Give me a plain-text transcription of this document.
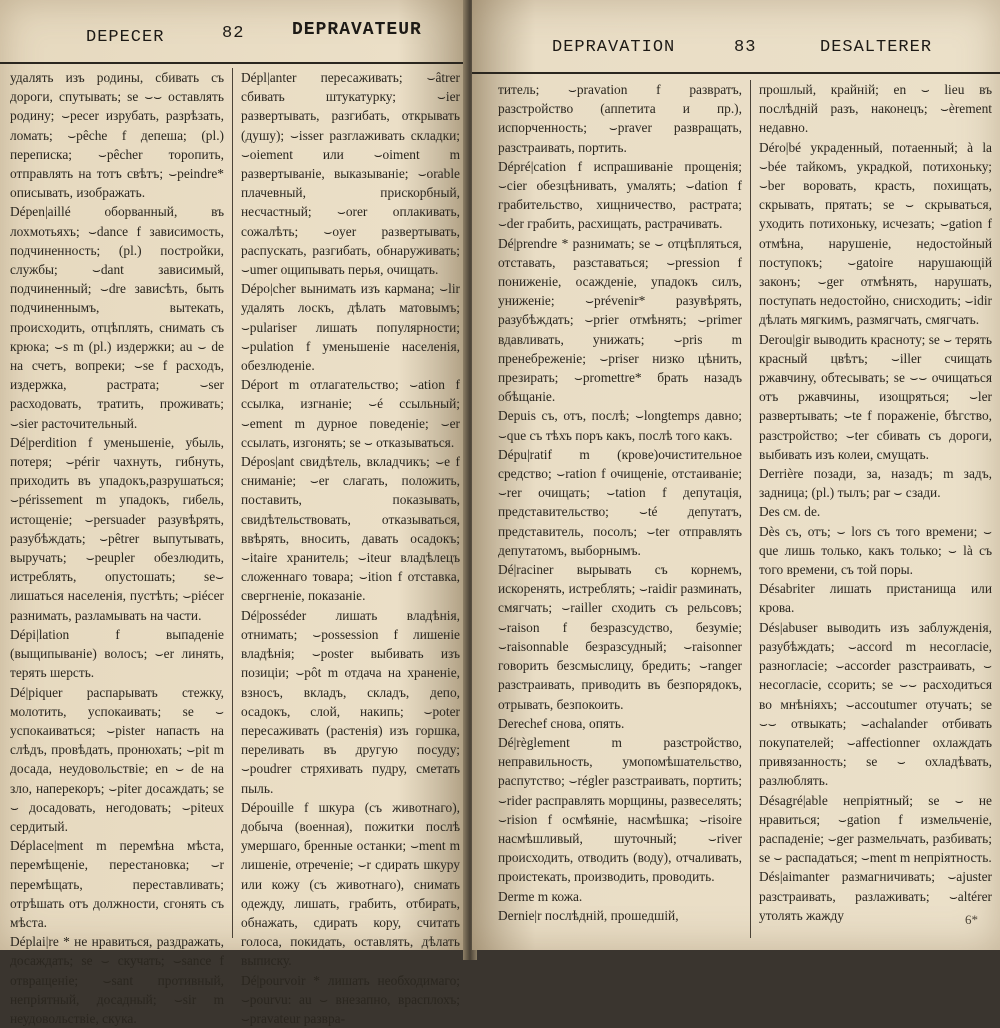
DEPECER	82	DEPRAVATEUR

удалять изъ родины, сбивать съ дороги, спутывать; se ⌣⌣ оставлять родину; ⌣pecer изрубать, разрѣзать, ломать; ⌣pêche f депеша; (pl.) переписка; ⌣pêcher торопить, отправлять на тотъ свѣтъ; ⌣peindre* описывать, изображать.

Dépen|aillé оборванный, въ лохмотьяхъ; ⌣dance f зависимость, подчиненность; (pl.) постройки, службы; ⌣dant зависимый, подчиненный; ⌣dre зависѣть, быть подчиненнымъ, вытекать, происходить, отцѣплять, снимать съ крюка; ⌣s m (pl.) издержки; au ⌣ de на счетъ, вопреки; ⌣se f расходъ, издержка, растрата; ⌣ser расходовать, тратить, проживать; ⌣sier расточительный.

Dé|perdition f уменьшеніе, убыль, потеря; ⌣périr чахнуть, гибнуть, приходить въ упадокъ,разрушаться; ⌣périssement m упадокъ, гибель, истощеніе; ⌣persuader разувѣрять, разубѣждать; ⌣pêtrer выпутывать, выручать; ⌣peupler обезлюдить, истреблять, опустошать; se⌣ лишаться населенія, пустѣть; ⌣piécer разнимать, разламывать на части.

Dépi|lation f выпаденіе (выщипываніе) волосъ; ⌣er линять, терять шерсть.

Dé|piquer распарывать стежку, молотить, успокаивать; se ⌣ успокаиваться; ⌣pister напасть на слѣдъ, провѣдать, пронюхать; ⌣pit m досада, неудовольствіе; en ⌣ de на зло, наперекоръ; ⌣piter досаждать; se ⌣ досадовать, негодовать; ⌣piteux сердитый.

Déplace|ment m перемѣна мѣста, перемѣщеніе, перестановка; ⌣r перемѣщать, переставливать; отрѣшать отъ должности, сгонять съ мѣста.

Déplai|re * не нравиться, раздражать, досаждать; se ⌣ скучать; ⌣sance f отвращеніе; ⌣sant противный, непріятный, досадный; ⌣sir m неудовольствіе, скука.

Dépl|anter пересаживать; ⌣âtrer сбивать штукатурку; ⌣ier развертывать, разгибать, открывать (душу); ⌣isser разглаживать складки; ⌣oiement или ⌣oiment m развертываніе, выказываніе; ⌣orable плачевный, прискорбный, несчастный; ⌣orer оплакивать, сожалѣть; ⌣oyer развертывать, распускать, разгибать, обнаруживать; ⌣umer ощипывать перья, очищать.

Dépo|cher вынимать изъ кармана; ⌣lir удалять лоскъ, дѣлать матовымъ; ⌣pulariser лишать популярности; ⌣pulation f уменьшеніе населенія, обезлюденіе.

Déport m отлагательство; ⌣ation f ссылка, изгнаніе; ⌣é ссыльный; ⌣ement m дурное поведеніе; ⌣er ссылать, изгонять; se ⌣ отказываться.

Dépos|ant свидѣтель, вкладчикъ; ⌣e f сниманіе; ⌣er слагать, положить, поставить, показывать, свидѣтельствовать, отказываться, ввѣрять, вносить, давать осадокъ; ⌣itaire хранитель; ⌣iteur владѣлецъ сложеннаго товара; ⌣ition f отставка, свергненіе, показаніе.

Dé|posséder лишать владѣнія, отнимать; ⌣possession f лишеніе владѣнія; ⌣poster выбивать изъ позиціи; ⌣pôt m отдача на храненіе, взносъ, вкладъ, складъ, депо, осадокъ, слой, накипь; ⌣poter пересаживать (растенія) изъ горшка, переливать въ другую посуду; ⌣poudrer стряхивать пудру, сметать пыль.

Dépouille f шкура (съ животнаго), добыча (военная), пожитки послѣ умершаго, бренные останки; ⌣ment m лишеніе, отреченіе; ⌣r сдирать шкуру или кожу (съ животнаго), снимать одежду, лишать, грабить, отбирать, обнажать, сдирать кору, считать голоса, покидать, оставлять, дѣлать выписку.

Dé|pourvoir * лишать необходимаго; ⌣pourvu: au ⌣ внезапно, врасплохъ; ⌣pravateur развра-

DEPRAVATION	83	DESALTERER

титель; ⌣pravation f развратъ, разстройство (аппетита и пр.), испорченность; ⌣praver развращать, разстраивать, портить.

Dépré|cation f испрашиваніе прощенія; ⌣cier обезцѣнивать, умалять; ⌣dation f грабительство, хищничество, растрата; ⌣der грабить, расхищать, растрачивать.

Dé|prendre * разнимать; se ⌣ отцѣпляться, отставать, разставаться; ⌣pression f пониженіе, осажденіе, упадокъ силъ, униженіе; ⌣prévenir* разувѣрять, разубѣждать; ⌣prier отмѣнять; ⌣primer вдавливать, унижать; ⌣pris m пренебреженіе; ⌣priser низко цѣнить, презирать; ⌣promettre* брать назадъ обѣщаніе.

Depuis съ, отъ, послѣ; ⌣longtemps давно; ⌣que съ тѣхъ поръ какъ, послѣ того какъ.

Dépu|ratif m (кровe)очистительное средство; ⌣ration f очищеніе, отстаиваніе; ⌣rer очищать; ⌣tation f депутація, представительство; ⌣té депутатъ, представитель, посолъ; ⌣ter отправлять депутатомъ, выборнымъ.

Dé|raciner вырывать съ корнемъ, искоренять, истреблять; ⌣raidir разминать, смягчать; ⌣railler сходить съ рельсовъ; ⌣raison f безразсудство, безуміе; ⌣raisonnable безразсудный; ⌣raisonner говорить безсмыслицу, бредить; ⌣ranger разстраивать, приводить въ безпорядокъ, отрывать, безпокоить.

Derechef снова, опять.

Dé|règlement m разстройство, неправильность, умопомѣшательство, распутство; ⌣régler разстраивать, портить; ⌣rider расправлять морщины, развеселять; ⌣rision f осмѣяніе, насмѣшка; ⌣risoire насмѣшливый, шуточный; ⌣river происходить, отводить (воду), отчаливать, проистекать, производить, проводить.

Derme m кожа.

Dernie|r послѣдній, прошедшій,

прошлый, крайній; en ⌣ lieu въ послѣдній разъ, наконецъ; ⌣èrement недавно.

Déro|bé украденный, потаенный; à la ⌣bée тайкомъ, украдкой, потихоньку; ⌣ber воровать, красть, похищать, скрывать, прятать; se ⌣ скрываться, уходить потихоньку, исчезать; ⌣gation f отмѣна, нарушеніе, недостойный поступокъ; ⌣gatoire нарушающій законъ; ⌣ger отмѣнять, нарушать, поступать недостойно, снисходить; ⌣idir дѣлать мягкимъ, размягчать, смягчать.

Derou|gir выводить краснoту; se ⌣ терять красный цвѣтъ; ⌣iller счищать ржавчину, обтесывать; se ⌣⌣ очищаться отъ ржавчины, изощряться; ⌣ler развертывать; ⌣te f пораженіе, бѣгство, разстройство; ⌣ter сбивать съ дороги, выбивать изъ колеи, смущать.

Derrière позади, за, назадъ; m задъ, задница; (pl.) тылъ; par ⌣ сзади.

Des см. de.

Dès съ, отъ; ⌣ lors съ того времени; ⌣ que лишь только, какъ только; ⌣ là съ того времени, съ той поры.

Désabriter лишать пристанища или крова.

Dés|abuser выводить изъ заблужденія, разубѣждать; ⌣accord m несогласіе, разногласіе; ⌣accorder разстраивать, ⌣ несогласіе, ссорить; se ⌣⌣ расходиться во мнѣніяхъ; ⌣accoutumer отучать; se ⌣⌣ отвыкать; ⌣achalander отбивать покупателей; ⌣affectionner охлаждать привязанность; se ⌣ охладѣвать, разлюблять.

Désagré|able непріятный; se ⌣ не нравиться; ⌣gation f измельченіе, распаденіе; ⌣ger размельчать, разбивать; se ⌣ распадаться; ⌣ment m непріятность.

Dés|aimanter размагничивать; ⌣ajuster разстраивать, разлаживать; ⌣altérer утолять жажду	6*
